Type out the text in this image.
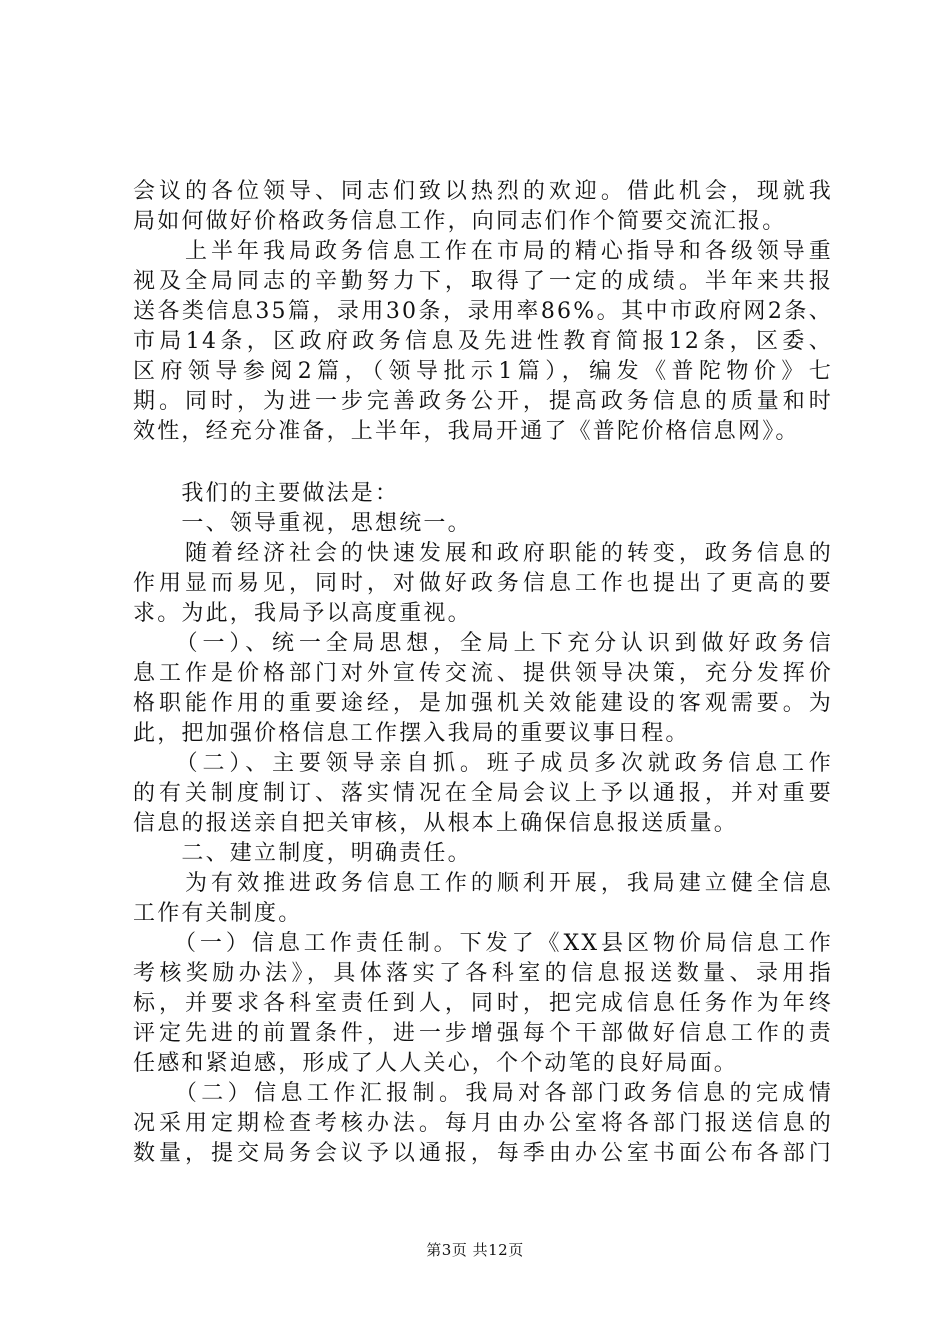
会议的各位领导、同志们致以热烈的欢迎。借此机会，现就我
局如何做好价格政务信息工作，向同志们作个简要交流汇报。
　　上半年我局政务信息工作在市局的精心指导和各级领导重
视及全局同志的辛勤努力下，取得了一定的成绩。半年来共报
送各类信息35篇，录用30条，录用率86%。其中市政府网2条、
市局14条，区政府政务信息及先进性教育简报12条，区委、
区府领导参阅2篇，（领导批示1篇），编发《普陀物价》七
期。同时，为进一步完善政务公开，提高政务信息的质量和时
效性，经充分准备，上半年，我局开通了《普陀价格信息网》。
　　我们的主要做法是：
　　一、领导重视，思想统一。
　　随着经济社会的快速发展和政府职能的转变，政务信息的
作用显而易见，同时，对做好政务信息工作也提出了更高的要
求。为此，我局予以高度重视。
　　（一）、统一全局思想，全局上下充分认识到做好政务信
息工作是价格部门对外宣传交流、提供领导决策，充分发挥价
格职能作用的重要途经，是加强机关效能建设的客观需要。为
此，把加强价格信息工作摆入我局的重要议事日程。
　　（二）、主要领导亲自抓。班子成员多次就政务信息工作
的有关制度制订、落实情况在全局会议上予以通报，并对重要
信息的报送亲自把关审核，从根本上确保信息报送质量。
　　二、建立制度，明确责任。
　　为有效推进政务信息工作的顺利开展，我局建立健全信息
工作有关制度。
　　（一）信息工作责任制。下发了《XX县区物价局信息工作
考核奖励办法》，具体落实了各科室的信息报送数量、录用指
标，并要求各科室责任到人，同时，把完成信息任务作为年终
评定先进的前置条件，进一步增强每个干部做好信息工作的责
任感和紧迫感，形成了人人关心，个个动笔的良好局面。
　　（二）信息工作汇报制。我局对各部门政务信息的完成情
况采用定期检查考核办法。每月由办公室将各部门报送信息的
数量，提交局务会议予以通报，每季由办公室书面公布各部门
第3页 共12页
